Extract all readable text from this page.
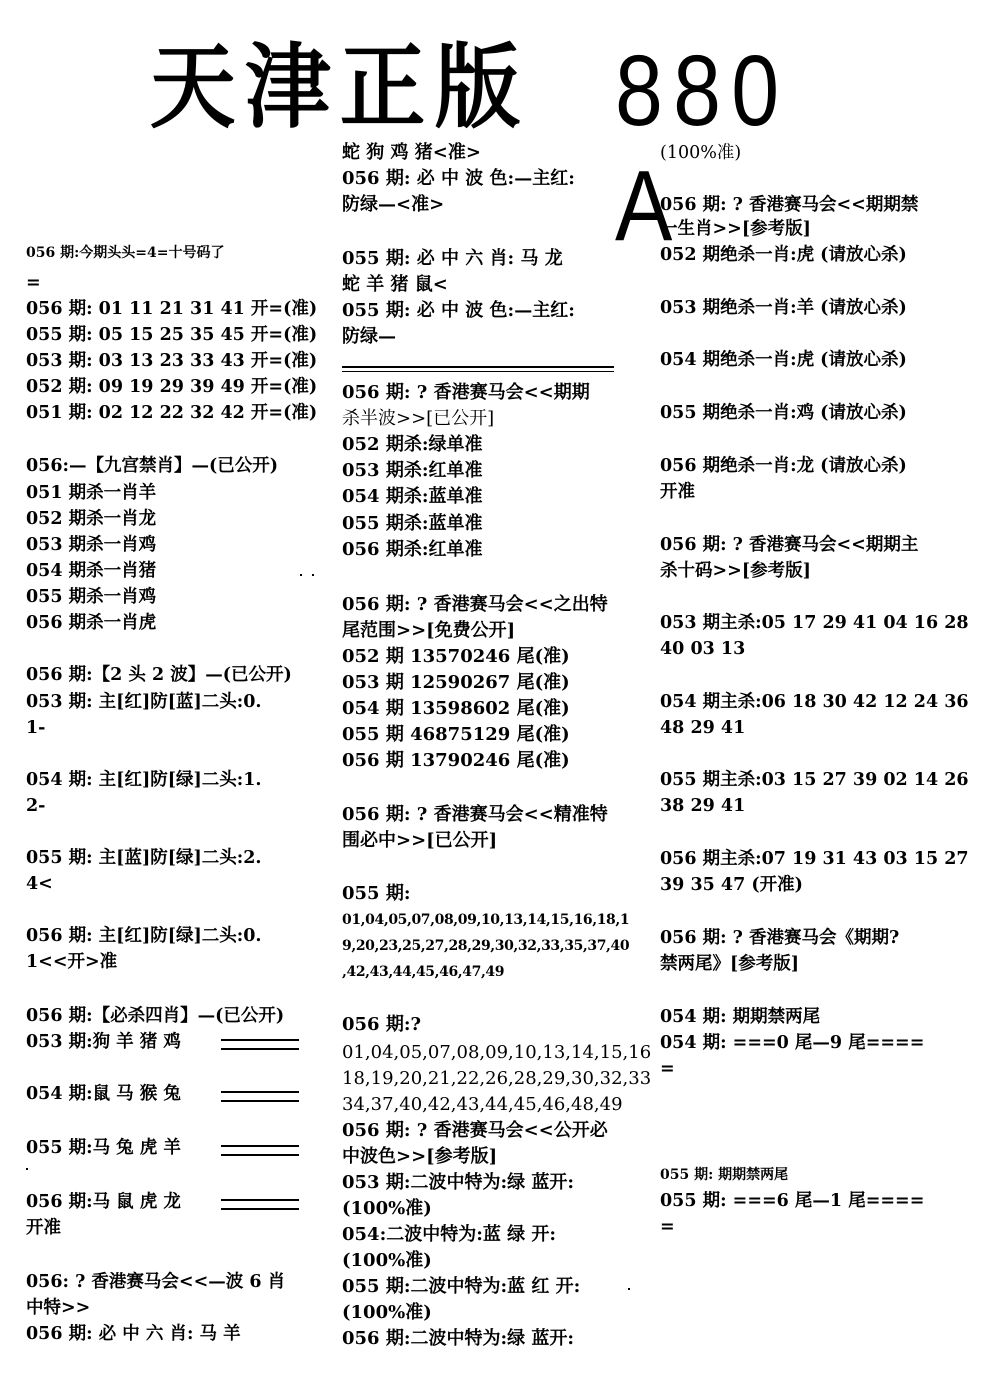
天津正版 880 A
056 期:今期头头=4=十号码了
=
056 期: 01 11 21 31 41 开=(准)
055 期: 05 15 25 35 45 开=(准)
053 期: 03 13 23 33 43 开=(准)
052 期: 09 19 29 39 49 开=(准)
051 期: 02 12 22 32 42 开=(准)
056:—【九宫禁肖】—(已公开)
051 期杀一肖羊
052 期杀一肖龙
053 期杀一肖鸡
054 期杀一肖猪
055 期杀一肖鸡
056 期杀一肖虎
056 期:【2 头 2 波】—(已公开)
053 期: 主[红]防[蓝]二头:0.
1-
054 期: 主[红]防[绿]二头:1.
2-
055 期: 主[蓝]防[绿]二头:2.
4<
056 期: 主[红]防[绿]二头:0.
1<<开>准
056 期:【必杀四肖】—(已公开)
053 期:狗 羊 猪 鸡
054 期:鼠 马 猴 兔
055 期:马 兔 虎 羊
056 期:马 鼠 虎 龙
开准
056: ? 香港赛马会<<—波 6 肖
中特>>
056 期: 必 中 六 肖: 马 羊
蛇 狗 鸡 猪<准>
056 期: 必 中 波 色:—主红:
防绿—<准>
055 期: 必 中 六 肖: 马 龙
蛇 羊 猪 鼠<
055 期: 必 中 波 色:—主红:
防绿—
056 期: ? 香港赛马会<<期期
杀半波>>[已公开]
052 期杀:绿单准
053 期杀:红单准
054 期杀:蓝单准
055 期杀:蓝单准
056 期杀:红单准
056 期: ? 香港赛马会<<之出特
尾范围>>[免费公开]
052 期 13570246 尾(准)
053 期 12590267 尾(准)
054 期 13598602 尾(准)
055 期 46875129 尾(准)
056 期 13790246 尾(准)
056 期: ? 香港赛马会<<精准特
围必中>>[已公开]
055 期:
01,04,05,07,08,09,10,13,14,15,16,18,1
9,20,23,25,27,28,29,30,32,33,35,37,40
,42,43,44,45,46,47,49
056 期:?
01,04,05,07,08,09,10,13,14,15,16
18,19,20,21,22,26,28,29,30,32,33
34,37,40,42,43,44,45,46,48,49
056 期: ? 香港赛马会<<公开必
中波色>>[参考版]
053 期:二波中特为:绿 蓝开:
(100%准)
054:二波中特为:蓝 绿 开:
(100%准)
055 期:二波中特为:蓝 红 开:
(100%准)
056 期:二波中特为:绿 蓝开:
(100%准)
056 期: ? 香港赛马会<<期期禁
一生肖>>[参考版]
052 期绝杀一肖:虎 (请放心杀)
053 期绝杀一肖:羊 (请放心杀)
054 期绝杀一肖:虎 (请放心杀)
055 期绝杀一肖:鸡 (请放心杀)
056 期绝杀一肖:龙 (请放心杀)
开准
056 期: ? 香港赛马会<<期期主
杀十码>>[参考版]
053 期主杀:05 17 29 41 04 16 28
40 03 13
054 期主杀:06 18 30 42 12 24 36
48 29 41
055 期主杀:03 15 27 39 02 14 26
38 29 41
056 期主杀:07 19 31 43 03 15 27
39 35 47 (开准)
056 期: ? 香港赛马会《期期?
禁两尾》[参考版]
054 期: 期期禁两尾
054 期: ===0 尾—9 尾====
=
055 期: 期期禁两尾
055 期: ===6 尾—1 尾====
=
